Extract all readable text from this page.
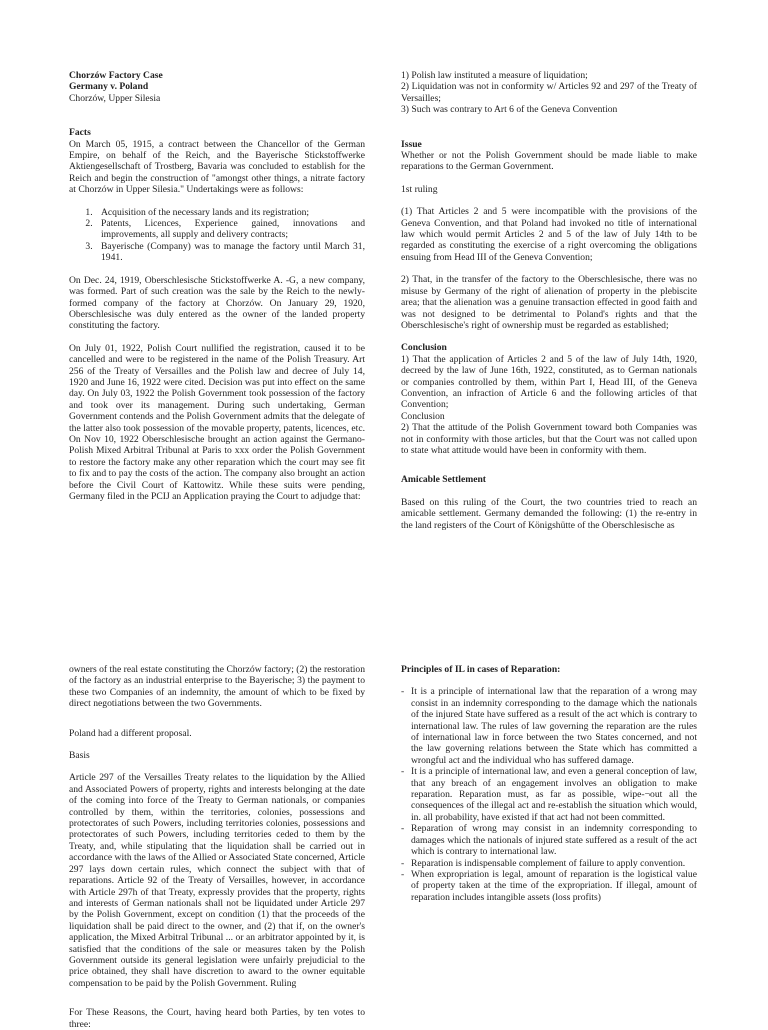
Chorzów Factory Case
Germany v. Poland
Chorzów, Upper Silesia
Facts

On March 05, 1915, a contract between the Chancellor of the German Empire, on behalf of the Reich, and the Bayerische Stickstoffwerke Aktiengesellschaft of Trostberg, Bavaria was concluded to establish for the Reich and begin the construction of "amongst other things, a nitrate factory at Chorzów in Upper Silesia." Undertakings were as follows:

1. Acquisition of the necessary lands and its registration;
2. Patents, Licences, Experience gained, innovations and improvements, all supply and delivery contracts;
3. Bayerische (Company) was to manage the factory until March 31, 1941.

On Dec. 24, 1919, Oberschlesische Stickstoffwerke A. -G, a new company, was formed. Part of such creation was the sale by the Reich to the newly-formed company of the factory at Chorzów. On January 29, 1920, Oberschlesische was duly entered as the owner of the landed property constituting the factory.

On July 01, 1922, Polish Court nullified the registration, caused it to be cancelled and were to be registered in the name of the Polish Treasury. Art 256 of the Treaty of Versailles and the Polish law and decree of July 14, 1920 and June 16, 1922 were cited. Decision was put into effect on the same day. On July 03, 1922 the Polish Government took possession of the factory and took over its management. During such undertaking, German Government contends and the Polish Government admits that the delegate of the latter also took possession of the movable property, patents, licences, etc. On Nov 10, 1922 Oberschlesische brought an action against the Germano-Polish Mixed Arbitral Tribunal at Paris to xxx order the Polish Government to restore the factory make any other reparation which the court may see fit to fix and to pay the costs of the action. The company also brought an action before the Civil Court of Kattowitz. While these suits were pending, Germany filed in the PCIJ an Application praying the Court to adjudge that:

1) Polish law instituted a measure of liquidation;

2) Liquidation was not in conformity w/ Articles 92 and 297 of the Treaty of Versailles;

3) Such was contrary to Art 6 of the Geneva Convention

Issue

Whether or not the Polish Government should be made liable to make reparations to the German Government.

1st ruling

(1) That Articles 2 and 5 were incompatible with the provisions of the Geneva Convention, and that Poland had invoked no title of international law which would permit Articles 2 and 5 of the law of July 14th to be regarded as constituting the exercise of a right overcoming the obligations ensuing from Head III of the Geneva Convention;

2) That, in the transfer of the factory to the Oberschlesische, there was no misuse by Germany of the right of alienation of property in the plebiscite area; that the alienation was a genuine transaction effected in good faith and was not designed to be detrimental to Poland's rights and that the Oberschlesische's right of ownership must be regarded as established;

Conclusion

1) That the application of Articles 2 and 5 of the law of July 14th, 1920, decreed by the law of June 16th, 1922, constituted, as to German nationals or companies controlled by them, within Part I, Head III, of the Geneva Convention, an infraction of Article 6 and the following articles of that Convention;

Conclusion

2) That the attitude of the Polish Government toward both Companies was not in conformity with those articles, but that the Court was not called upon to state what attitude would have been in conformity with them.

Amicable Settlement

Based on this ruling of the Court, the two countries tried to reach an amicable settlement. Germany demanded the following: (1) the re-entry in the land registers of the Court of Königshütte of the Oberschlesische as

owners of the real estate constituting the Chorzów factory; (2) the restoration of the factory as an industrial enterprise to the Bayerische; 3) the payment to these two Companies of an indemnity, the amount of which to be fixed by direct negotiations between the two Governments.

Poland had a different proposal.

Basis

Article 297 of the Versailles Treaty relates to the liquidation by the Allied and Associated Powers of property, rights and interests belonging at the date of the coming into force of the Treaty to German nationals, or companies controlled by them, within the territories, colonies, possessions and protectorates of such Powers, including territories colonies, possessions and protectorates of such Powers, including territories ceded to them by the Treaty, and, while stipulating that the liquidation shall be carried out in accordance with the laws of the Allied or Associated State concerned, Article 297 lays down certain rules, which connect the subject with that of reparations. Article 92 of the Treaty of Versailles, however, in accordance with Article 297h of that Treaty, expressly provides that the property, rights and interests of German nationals shall not be liquidated under Article 297 by the Polish Government, except on condition (1) that the proceeds of the liquidation shall be paid direct to the owner, and (2) that if, on the owner's application, the Mixed Arbitral Tribunal ... or an arbitrator appointed by it, is satisfied that the conditions of the sale or measures taken by the Polish Government outside its general legislation were unfairly prejudicial to the price obtained, they shall have discretion to award to the owner equitable compensation to be paid by the Polish Government. Ruling

For These Reasons, the Court, having heard both Parties, by ten votes to three:

Principles of IL in cases of Reparation:
- It is a principle of international law that the reparation of a wrong may consist in an indemnity corresponding to the damage which the nationals of the injured State have suffered as a result of the act which is contrary to international law. The rules of law governing the reparation are the rules of international law in force between the two States concerned, and not the law governing relations between the State which has committed a wrongful act and the individual who has suffered damage.
- It is a principle of international law, and even a general conception of law, that any breach of an engagement involves an obligation to make reparation. Reparation must, as far as possible, wipe-¬out all the consequences of the illegal act and re-establish the situation which would, in. all probability, have existed if that act had not been committed.
- Reparation of wrong may consist in an indemnity corresponding to damages which the nationals of injured state suffered as a result of the act which is contrary to international law.
- Reparation is indispensable complement of failure to apply convention.
- When expropriation is legal, amount of reparation is the logistical value of property taken at the time of the expropriation. If illegal, amount of reparation includes intangible assets (loss profits)
